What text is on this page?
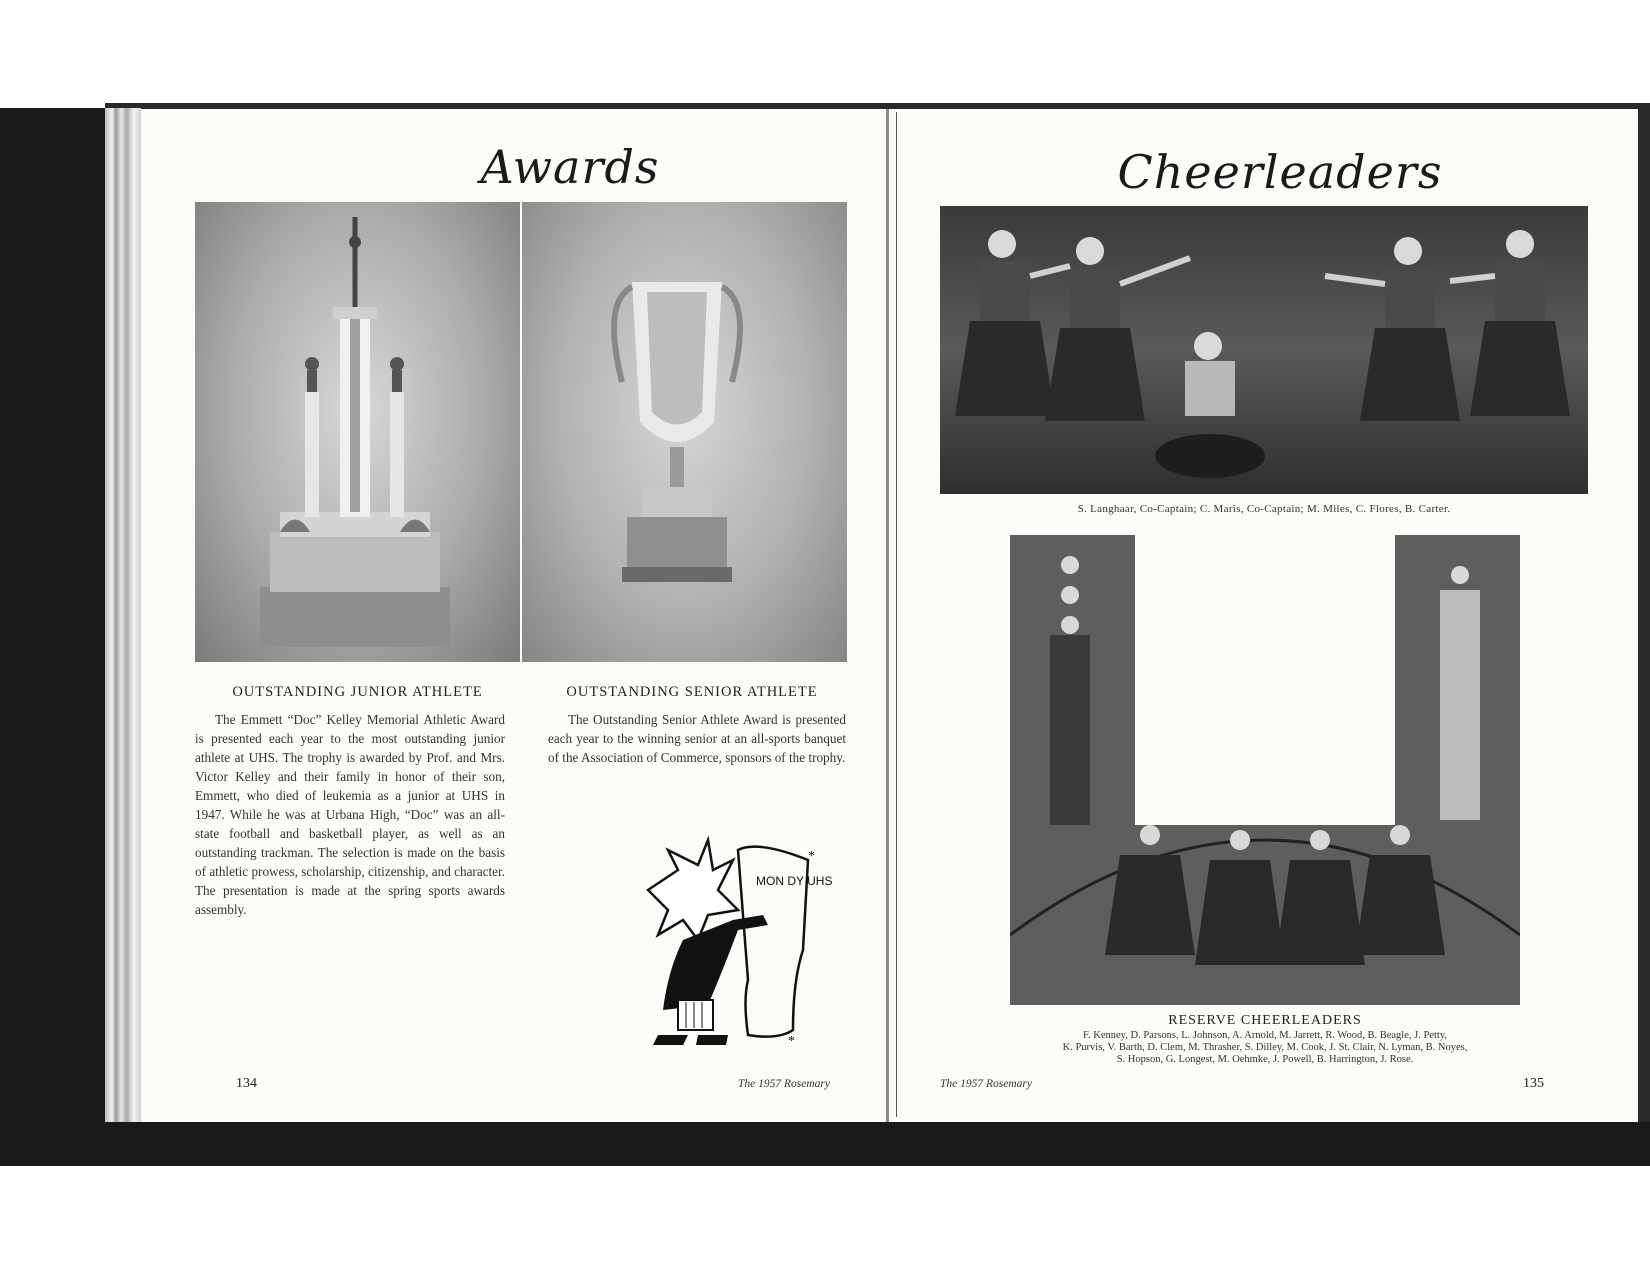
Awards
OUTSTANDING JUNIOR ATHLETE
The Emmett “Doc” Kelley Memorial Athletic Award is presented each year to the most outstanding junior athlete at UHS. The trophy is awarded by Prof. and Mrs. Victor Kelley and their family in honor of their son, Emmett, who died of leukemia as a junior at UHS in 1947. While he was at Urbana High, “Doc” was an all-state football and basketball player, as well as an outstanding trackman. The selection is made on the basis of athletic prowess, scholarship, citizenship, and character. The presentation is made at the spring sports awards assembly.
OUTSTANDING SENIOR ATHLETE
The Outstanding Senior Athlete Award is presented each year to the winning senior at an all-sports banquet of the Association of Commerce, sponsors of the trophy.
MON DY UHS
*
*
134	The 1957 Rosemary
Cheerleaders
S. Langhaar, Co-Captain; C. Maris, Co-Captain; M. Miles, C. Flores, B. Carter.
RESERVE CHEERLEADERS
F. Kenney, D. Parsons, L. Johnson, A. Arnold, M. Jarrett, R. Wood, B. Beagle, J. Petty,
K. Purvis, V. Barth, D. Clem, M. Thrasher, S. Dilley, M. Cook, J. St. Clair, N. Lyman, B. Noyes,
S. Hopson, G. Longest, M. Oehmke, J. Powell, B. Harrington, J. Rose.
The 1957 Rosemary	135
